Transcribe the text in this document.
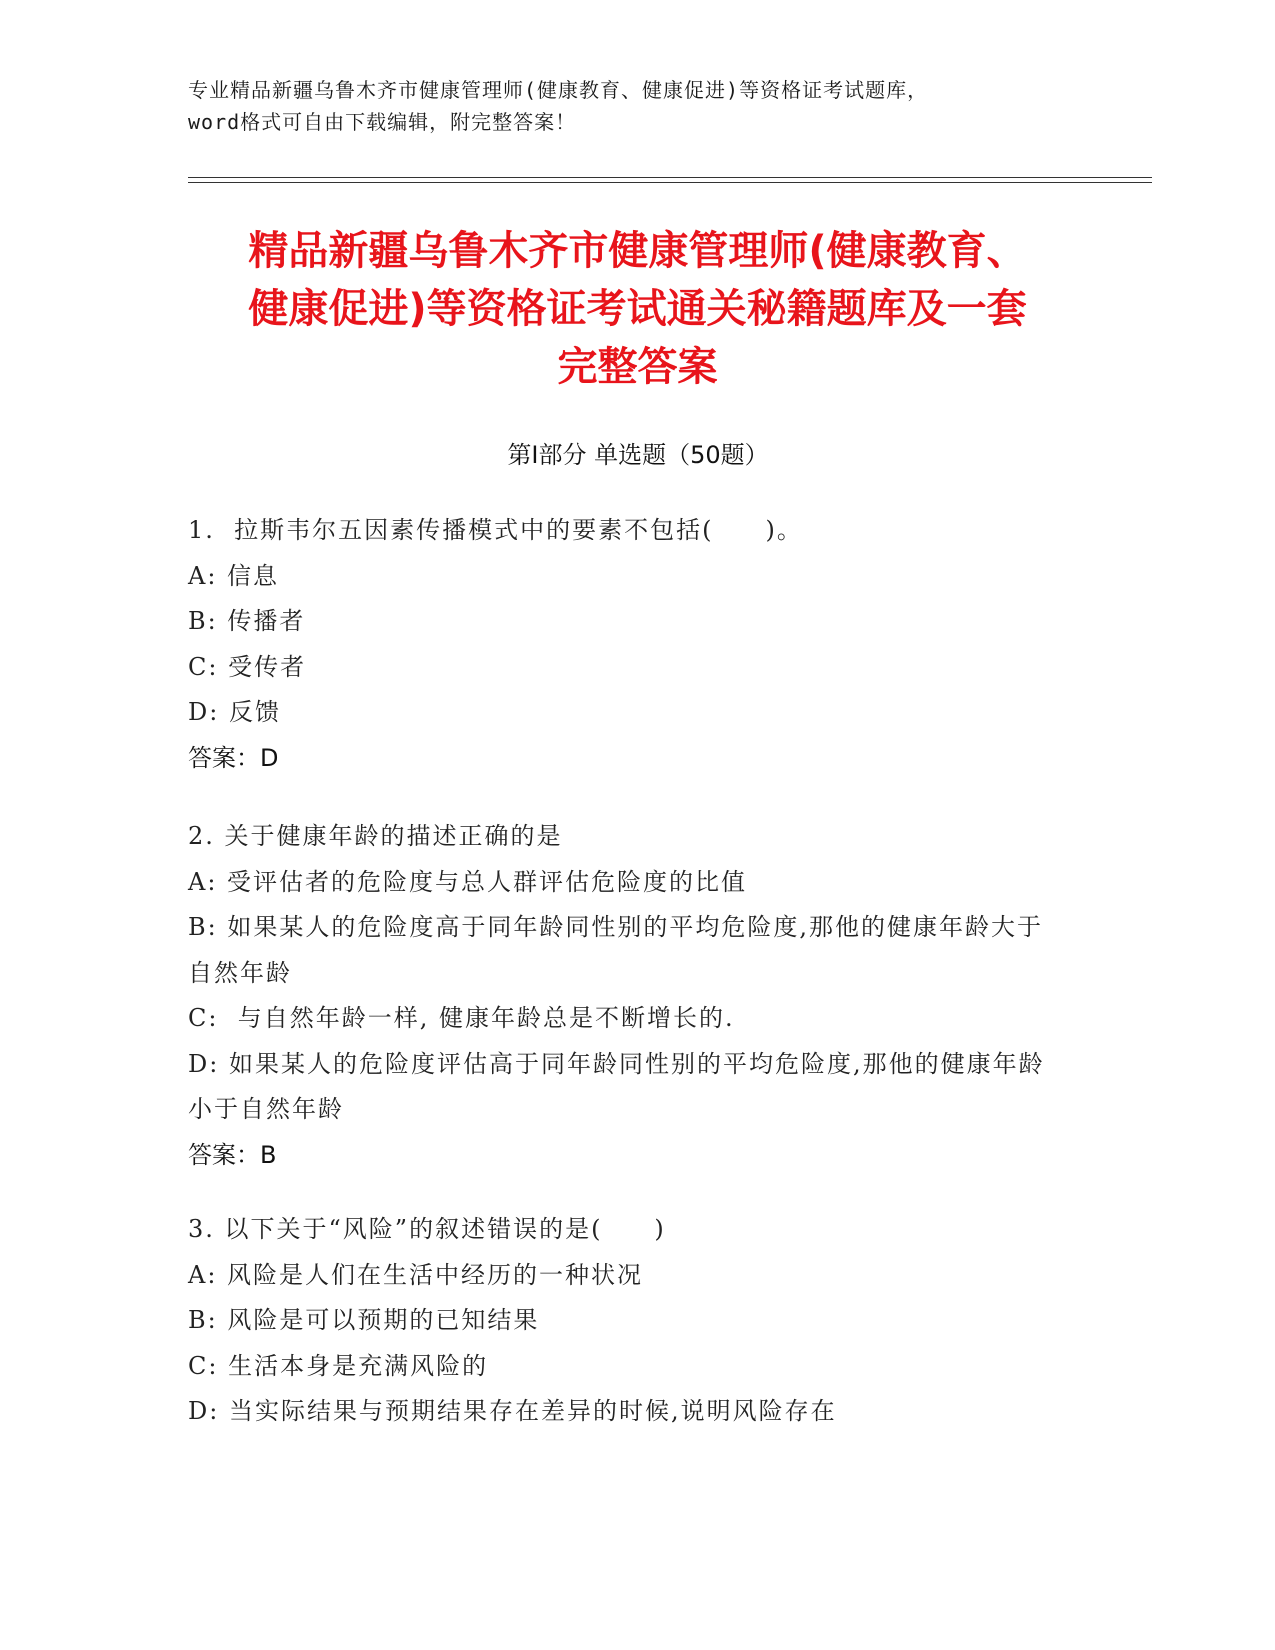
专业精品新疆乌鲁木齐市健康管理师(健康教育、健康促进)等资格证考试题库，
word格式可自由下载编辑，附完整答案！
精品新疆乌鲁木齐市健康管理师(健康教育、
健康促进)等资格证考试通关秘籍题库及一套
完整答案
第Ⅰ部分 单选题（50题）
1.  拉斯韦尔五因素传播模式中的要素不包括(　　)。
A: 信息
B: 传播者
C: 受传者
D: 反馈
答案：D
2. 关于健康年龄的描述正确的是
A: 受评估者的危险度与总人群评估危险度的比值
B: 如果某人的危险度高于同年龄同性别的平均危险度,那他的健康年龄大于自然年龄
C:  与自然年龄一样, 健康年龄总是不断增长的.
D: 如果某人的危险度评估高于同年龄同性别的平均危险度,那他的健康年龄小于自然年龄
答案：B
3. 以下关于“风险”的叙述错误的是(　　)
A: 风险是人们在生活中经历的一种状况
B: 风险是可以预期的已知结果
C: 生活本身是充满风险的
D: 当实际结果与预期结果存在差异的时候,说明风险存在
